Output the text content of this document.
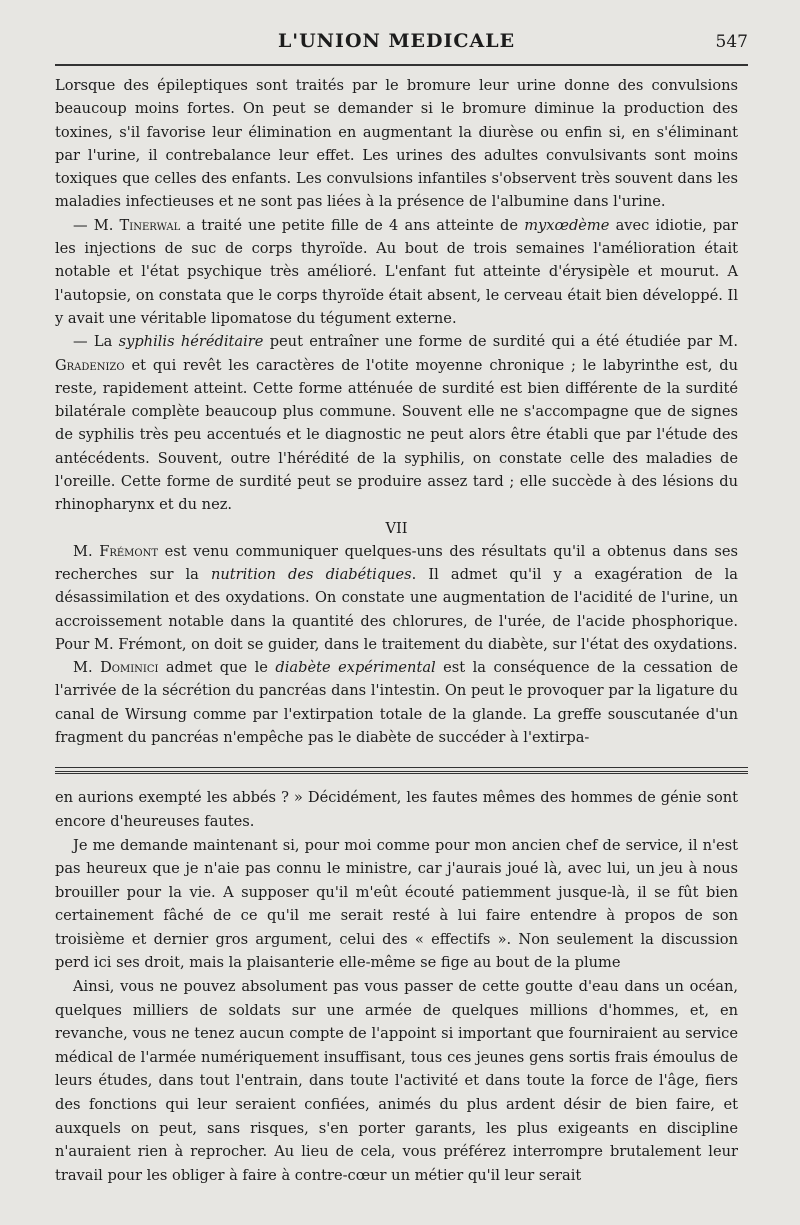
L'UNION MEDICALE	547

Lorsque des épileptiques sont traités par le bromure leur urine donne des convulsions beaucoup moins fortes. On peut se demander si le bromure diminue la production des toxines, s'il favorise leur élimination en augmentant la diurèse ou enfin si, en s'éliminant par l'urine, il contrebalance leur effet. Les urines des adultes convulsivants sont moins toxiques que celles des enfants. Les convulsions infantiles s'observent très souvent dans les maladies infectieuses et ne sont pas liées à la présence de l'albumine dans l'urine.

— M. Tinerwal a traité une petite fille de 4 ans atteinte de myxœdème avec idiotie, par les injections de suc de corps thyroïde. Au bout de trois semaines l'amélioration était notable et l'état psychique très amélioré. L'enfant fut atteinte d'érysipèle et mourut. A l'autopsie, on constata que le corps thyroïde était absent, le cerveau était bien développé. Il y avait une véritable lipomatose du tégument externe.

— La syphilis héréditaire peut entraîner une forme de surdité qui a été étudiée par M. Gradenizo et qui revêt les caractères de l'otite moyenne chronique ; le labyrinthe est, du reste, rapidement atteint. Cette forme atténuée de surdité est bien différente de la surdité bilatérale complète beaucoup plus commune. Souvent elle ne s'accompagne que de signes de syphilis très peu accentués et le diagnostic ne peut alors être établi que par l'étude des antécédents. Souvent, outre l'hérédité de la syphilis, on constate celle des maladies de l'oreille. Cette forme de surdité peut se produire assez tard ; elle succède à des lésions du rhinopharynx et du nez.

VII

M. Frémont est venu communiquer quelques-uns des résultats qu'il a obtenus dans ses recherches sur la nutrition des diabétiques. Il admet qu'il y a exagération de la désassimilation et des oxydations. On constate une augmentation de l'acidité de l'urine, un accroissement notable dans la quantité des chlorures, de l'urée, de l'acide phosphorique. Pour M. Frémont, on doit se guider, dans le traitement du diabète, sur l'état des oxydations.

M. Dominici admet que le diabète expérimental est la conséquence de la cessation de l'arrivée de la sécrétion du pancréas dans l'intestin. On peut le provoquer par la ligature du canal de Wirsung comme par l'extirpation totale de la glande. La greffe souscutanée d'un fragment du pancréas n'empêche pas le diabète de succéder à l'extirpa-

en aurions exempté les abbés ? » Décidément, les fautes mêmes des hommes de génie sont encore d'heureuses fautes.

Je me demande maintenant si, pour moi comme pour mon ancien chef de service, il n'est pas heureux que je n'aie pas connu le ministre, car j'aurais joué là, avec lui, un jeu à nous brouiller pour la vie. A supposer qu'il m'eût écouté patiemment jusque-là, il se fût bien certainement fâché de ce qu'il me serait resté à lui faire entendre à propos de son troisième et dernier gros argument, celui des « effectifs ». Non seulement la discussion perd ici ses droit, mais la plaisanterie elle-même se fige au bout de la plume

Ainsi, vous ne pouvez absolument pas vous passer de cette goutte d'eau dans un océan, quelques milliers de soldats sur une armée de quelques millions d'hommes, et, en revanche, vous ne tenez aucun compte de l'appoint si important que fourniraient au service médical de l'armée numériquement insuffisant, tous ces jeunes gens sortis frais émoulus de leurs études, dans tout l'entrain, dans toute l'activité et dans toute la force de l'âge, fiers des fonctions qui leur seraient confiées, animés du plus ardent désir de bien faire, et auxquels on peut, sans risques, s'en porter garants, les plus exigeants en discipline n'auraient rien à reprocher. Au lieu de cela, vous préférez interrompre brutalement leur travail pour les obliger à faire à contre-cœur un métier qu'il leur serait
